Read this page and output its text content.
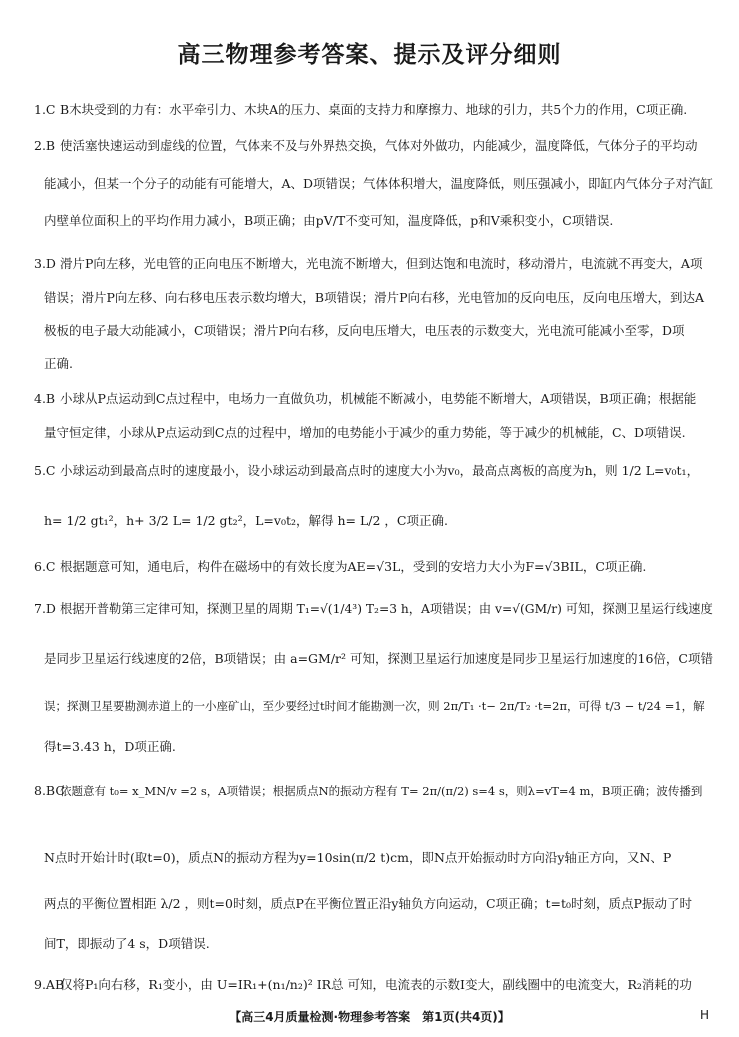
高三物理参考答案、提示及评分细则
1.C B木块受到的力有：水平牵引力、木块A的压力、桌面的支持力和摩擦力、地球的引力，共5个力的作用，C项正确.
2.B 使活塞快速运动到虚线的位置，气体来不及与外界热交换，气体对外做功，内能减少，温度降低，气体分子的平均动
能减小，但某一个分子的动能有可能增大，A、D项错误；气体体积增大，温度降低，则压强减小，即缸内气体分子对汽缸
内壁单位面积上的平均作用力减小，B项正确；由pV/T不变可知，温度降低，p和V乘积变小，C项错误.
3.D 滑片P向左移，光电管的正向电压不断增大，光电流不断增大，但到达饱和电流时，移动滑片，电流就不再变大，A项
错误；滑片P向左移、向右移电压表示数均增大，B项错误；滑片P向右移，光电管加的反向电压，反向电压增大，到达A
极板的电子最大动能减小，C项错误；滑片P向右移，反向电压增大，电压表的示数变大，光电流可能减小至零，D项
正确.
4.B 小球从P点运动到C点过程中，电场力一直做负功，机械能不断减小，电势能不断增大，A项错误，B项正确；根据能
量守恒定律，小球从P点运动到C点的过程中，增加的电势能小于减少的重力势能，等于减少的机械能，C、D项错误.
5.C 小球运动到最高点时的速度最小，设小球运动到最高点时的速度大小为v₀，最高点离板的高度为h，则 1/2 L=v₀t₁，
h= 1/2 gt₁²，h+ 3/2 L= 1/2 gt₂²，L=v₀t₂，解得 h= L/2 ，C项正确.
6.C 根据题意可知，通电后，构件在磁场中的有效长度为AE=√3L，受到的安培力大小为F=√3BIL，C项正确.
7.D 根据开普勒第三定律可知，探测卫星的周期 T₁=√(1/4³) T₂=3 h，A项错误；由 v=√(GM/r) 可知，探测卫星运行线速度
是同步卫星运行线速度的2倍，B项错误；由 a=GM/r² 可知，探测卫星运行加速度是同步卫星运行加速度的16倍，C项错
误；探测卫星要勘测赤道上的一小座矿山，至少要经过t时间才能勘测一次，则 2π/T₁ ·t− 2π/T₂ ·t=2π，可得 t/3 − t/24 =1，解
得t=3.43 h，D项正确.
8.BC
依题意有 t₀= x_MN/v =2 s，A项错误；根据质点N的振动方程有 T= 2π/(π/2) s=4 s，则λ=vT=4 m，B项正确；波传播到
N点时开始计时(取t=0)，质点N的振动方程为y=10sin(π/2 t)cm，即N点开始振动时方向沿y轴正方向，又N、P
两点的平衡位置相距 λ/2 ，则t=0时刻，质点P在平衡位置正沿y轴负方向运动，C项正确；t=t₀时刻，质点P振动了时
间T，即振动了4 s，D项错误.
9.AB
仅将P₁向右移，R₁变小，由 U=IR₁+(n₁/n₂)² IR总 可知，电流表的示数I变大，副线圈中的电流变大，R₂消耗的功
【高三4月质量检测·物理参考答案　第1页(共4页)】	H
